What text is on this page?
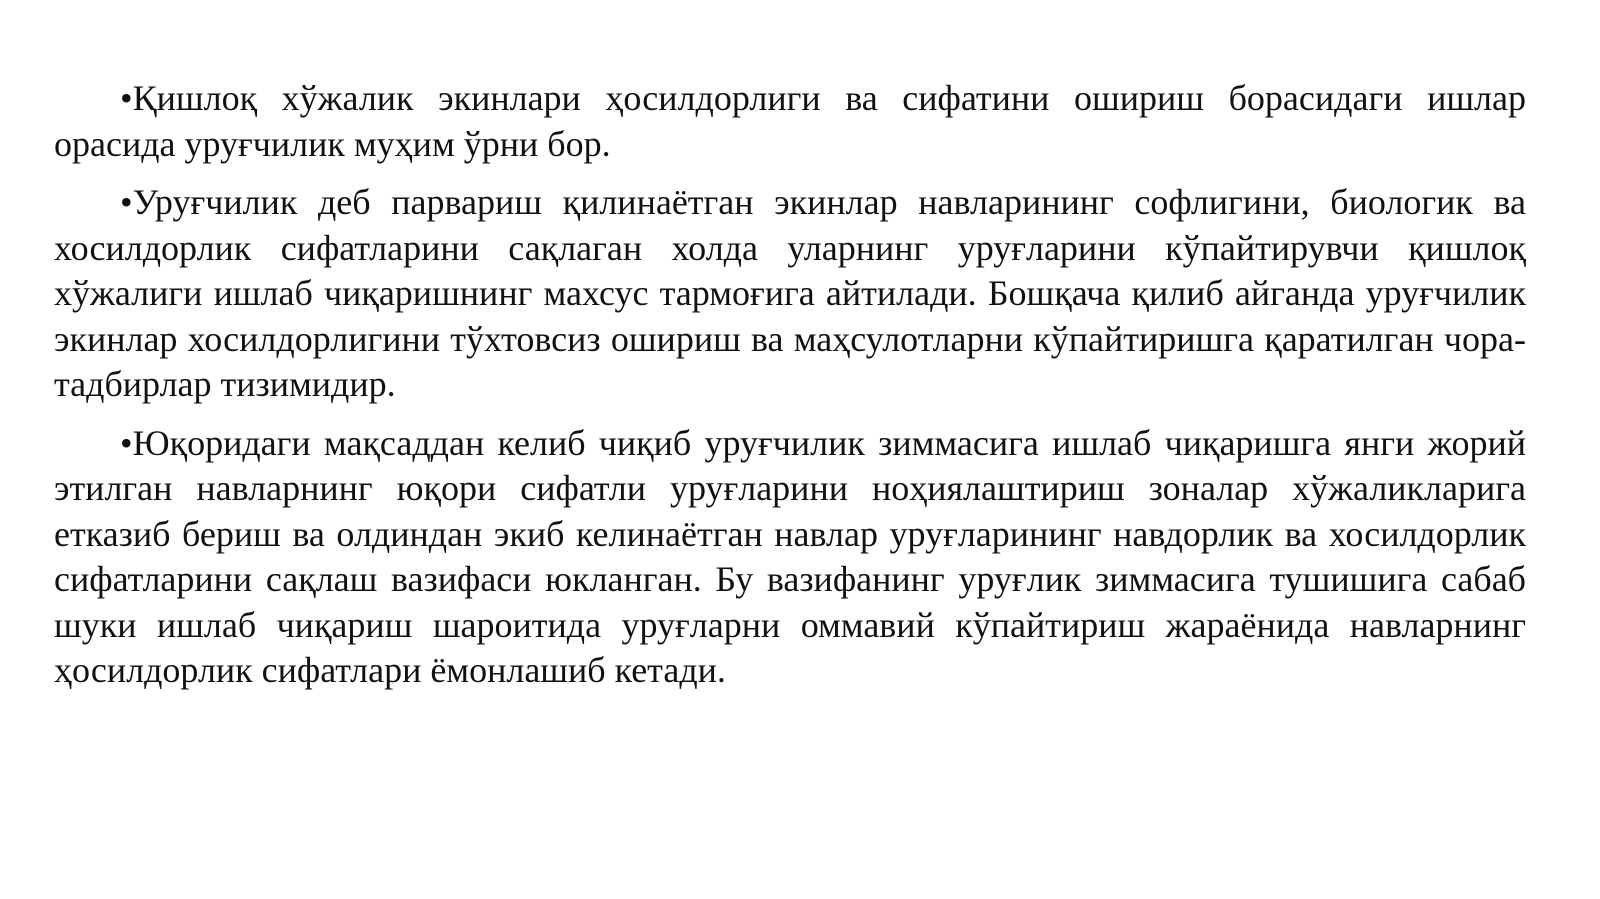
•Қишлоқ хўжалик экинлари ҳосилдорлиги ва сифатини ошириш борасидаги ишлар орасида уруғчилик муҳим ўрни бор.

•Уруғчилик деб парвариш қилинаётган экинлар навларининг софлигини, биологик ва хосилдорлик сифатларини сақлаган холда уларнинг уруғларини кўпайтирувчи қишлоқ хўжалиги ишлаб чиқаришнинг махсус тармоғига айтилади. Бошқача қилиб айганда уруғчилик экинлар хосилдорлигини тўхтовсиз ошириш ва маҳсулотларни кўпайтиришга қаратилган чора-тадбирлар тизимидир.

•Юқоридаги мақсаддан келиб чиқиб уруғчилик зиммасига ишлаб чиқаришга янги жорий этилган навларнинг юқори сифатли уруғларини ноҳиялаштириш зоналар хўжаликларига етказиб бериш ва олдиндан экиб келинаётган навлар уруғларининг навдорлик ва хосилдорлик сифатларини сақлаш вазифаси юкланган. Бу вазифанинг уруғлик зиммасига тушишига сабаб шуки ишлаб чиқариш шароитида уруғларни оммавий кўпайтириш жараёнида навларнинг ҳосилдорлик сифатлари ёмонлашиб кетади.
